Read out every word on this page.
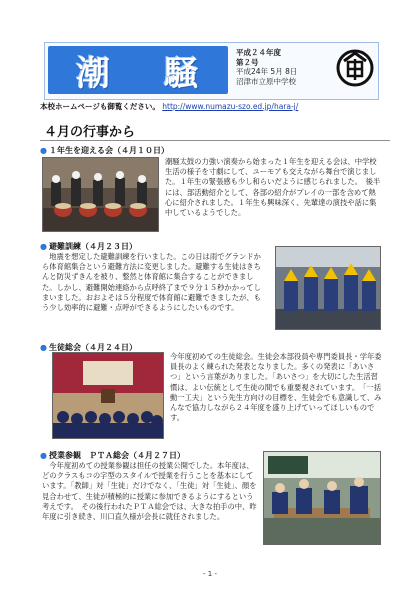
潮 騒
平成２４年度
第２号
平成24年 5月 8日
沼津市立原中学校
本校ホームページも御覧ください。 http://www.numazu-szo.ed.jp/hara-j/
４月の行事から
● １年生を迎える会（４月１０日）
潮騒太鼓の力強い演奏から始まった１年生を迎える会は、中学校生活の様子を寸劇にして、ユーモアも交えながら舞台で演じました。１年生の緊張感も少し和らいだように感じられました。　後半には、部活動紹介として、各部の紹介がプレイの一部を含めて熱心に紹介されました。１年生も興味深く、先輩達の演技や話に集中しているようでした。
● 避難訓練（４月２３日）
　地震を想定した避難訓練を行いました。この日は雨でグランドから体育館集合という避難方法に変更しました。避難する生徒はきちんと防災ずきんを被り、整然と体育館に集合することができました。しかし、避難開始連絡から点呼終了まで９分１５秒かかってしまいました。おおよそは５分程度で体育館に避難できましたが、もう少し効率的に避難・点呼ができるようにしたいものです。
● 生徒総会（４月２４日）
今年度初めての生徒総会。生徒会本部役員や専門委員長・学年委員長のよく練られた発表となりました。多くの発表に「あいさつ」という言葉がありました。「あいさつ」を大切にした生活習慣は、よい伝統として生徒の間でも重要視されています。　「一括動一工夫」という先生方向けの目標を、生徒会でも意識して、みんなで協力しながら２４年度を盛り上げていってほしいものです。
● 授業参観　ＰＴＡ総会（４月２７日）
　今年度初めての授業参観は担任の授業公開でした。本年度は、どのクラスもコの字型のスタイルで授業を行うことを基本にしています。「教師」対「生徒」だけでなく、「生徒」対「生徒」、顔を見合わせて、生徒が積極的に授業に参加できるようにするという考えです。　その後行われたＰＴＡ総会では、大きな拍手の中、昨年度に引き続き、川口直久様が会長に就任されました。
- 1 -
